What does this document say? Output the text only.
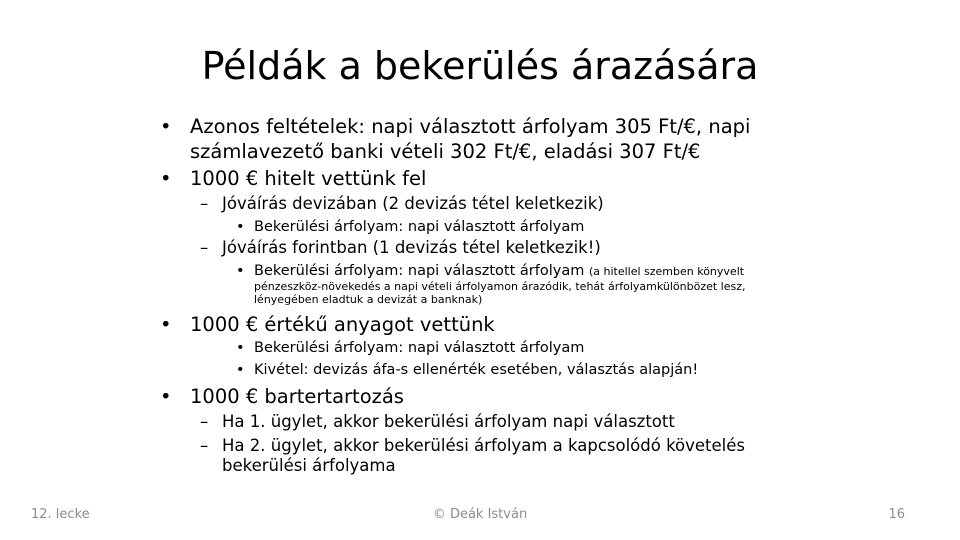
Példák a bekerülés árazására
• Azonos feltételek: napi választott árfolyam 305 Ft/€, napi
számlavezető banki vételi 302 Ft/€, eladási 307 Ft/€
• 1000 € hitelt vettünk fel
– Jóváírás devizában (2 devizás tétel keletkezik)
• Bekerülési árfolyam: napi választott árfolyam
– Jóváírás forintban (1 devizás tétel keletkezik!)
• Bekerülési árfolyam: napi választott árfolyam (a hitellel szemben könyvelt
pénzeszköz-növekedés a napi vételi árfolyamon árazódik, tehát árfolyamkülönbözet lesz,
lényegében eladtuk a devizát a banknak)
• 1000 € értékű anyagot vettünk
• Bekerülési árfolyam: napi választott árfolyam
• Kivétel: devizás áfa-s ellenérték esetében, választás alapján!
• 1000 € bartertartozás
– Ha 1. ügylet, akkor bekerülési árfolyam napi választott
– Ha 2. ügylet, akkor bekerülési árfolyam a kapcsolódó követelés
bekerülési árfolyama
12. lecke	© Deák István	16
